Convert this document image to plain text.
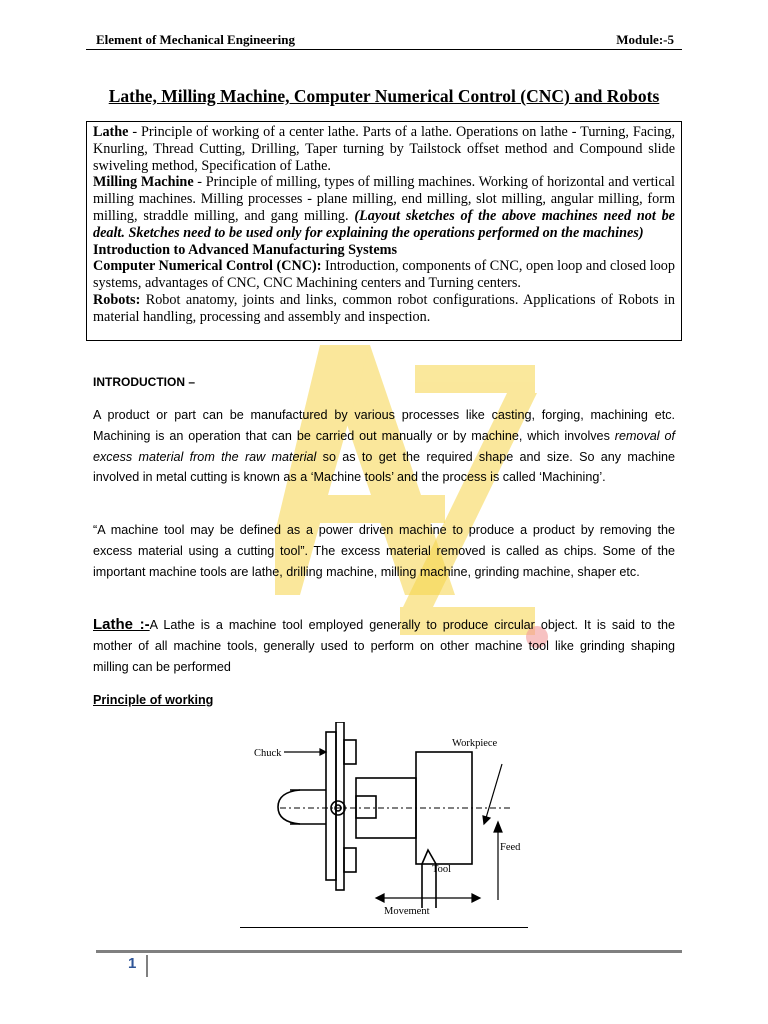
Element of Mechanical Engineering	Module:-5
Lathe, Milling Machine, Computer Numerical Control (CNC) and Robots

Lathe - Principle of working of a center lathe. Parts of a lathe. Operations on lathe - Turning, Facing, Knurling, Thread Cutting, Drilling, Taper turning by Tailstock offset method and Compound slide swiveling method, Specification of Lathe.

Milling Machine - Principle of milling, types of milling machines. Working of horizontal and vertical milling machines. Milling processes - plane milling, end milling, slot milling, angular milling, form milling, straddle milling, and gang milling. (Layout sketches of the above machines need not be dealt. Sketches need to be used only for explaining the operations performed on the machines)

Introduction to Advanced Manufacturing Systems

Computer Numerical Control (CNC): Introduction, components of CNC, open loop and closed loop systems, advantages of CNC, CNC Machining centers and Turning centers.

Robots: Robot anatomy, joints and links, common robot configurations. Applications of Robots in material handling, processing and assembly and inspection.

INTRODUCTION –

A product or part can be manufactured by various processes like casting, forging, machining etc. Machining is an operation that can be carried out manually or by machine, which involves removal of excess material from the raw material so as to get the required shape and size. So any machine involved in metal cutting is known as a ‘Machine tools’ and the process is called ‘Machining’.

“A machine tool may be defined as a power driven machine to produce a product by removing the excess material using a cutting tool”. The excess material removed is called as chips. Some of the important machine tools are lathe, drilling machine, milling machine, grinding machine, shaper etc.

Lathe :-A Lathe is a machine tool employed generally to produce circular object. It is said to the mother of all machine tools, generally used to perform on other machine tool like grinding shaping milling can be performed

Principle of working
Chuck
Workpiece
Feed
Tool
Movement
1
